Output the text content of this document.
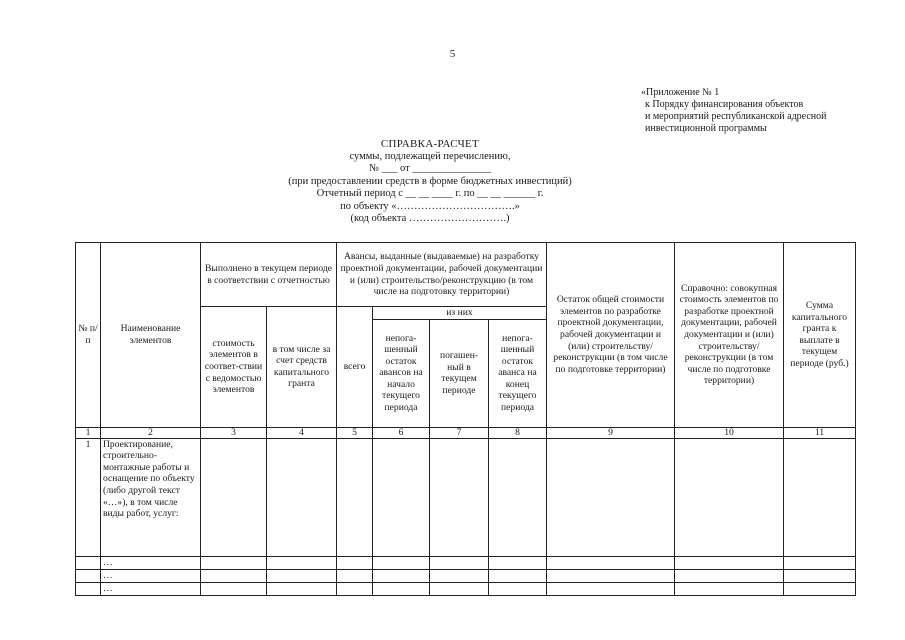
5
«Приложение № 1
к Порядку финансирования объектов
и мероприятий республиканской адресной
инвестиционной программы
СПРАВКА-РАСЧЕТ
суммы, подлежащей перечислению,
№ ___ от _______________
(при предоставлении средств в форме бюджетных инвестиций)
Отчетный период с __ __ ____ г. по __ __ ______ г.
по объекту «…………………………….»
(код объекта ……………………….)
№ п/п	Наименование элементов	Выполнено в текущем периоде в соответствии с отчетностью		Авансы, выданные (выдаваемые) на разработку проектной документации, рабочей документации и (или) строительство/реконструкцию (в том числе на подготовку территории)				Остаток общей стоимости элементов по разработке проектной документации, рабочей документации и (или) строительству/ реконструкции (в том числе по подготовке территории)	Справочно: совокупная стоимость элементов по разработке проектной документации, рабочей документации и (или) строительству/ реконструкции (в том числе по подготовке территории)	Сумма капитального гранта к выплате в текущем периоде (руб.)
		стоимость элементов в соответ-ствии с ведомостью элементов	в том числе за счет средств капитального гранта	всего	из них					
					непога-шенный остаток авансов на начало текущего периода	погашен-ный в текущем периоде	непога-шенный остаток аванса на конец текущего периода			
1	2	3	4	5	6	7	8	9	10	11
1	Проектирование, строительно-монтажные работы и оснащение по объекту (либо другой текст «…»), в том числе виды работ, услуг:									
	…									
	…									
	…									
